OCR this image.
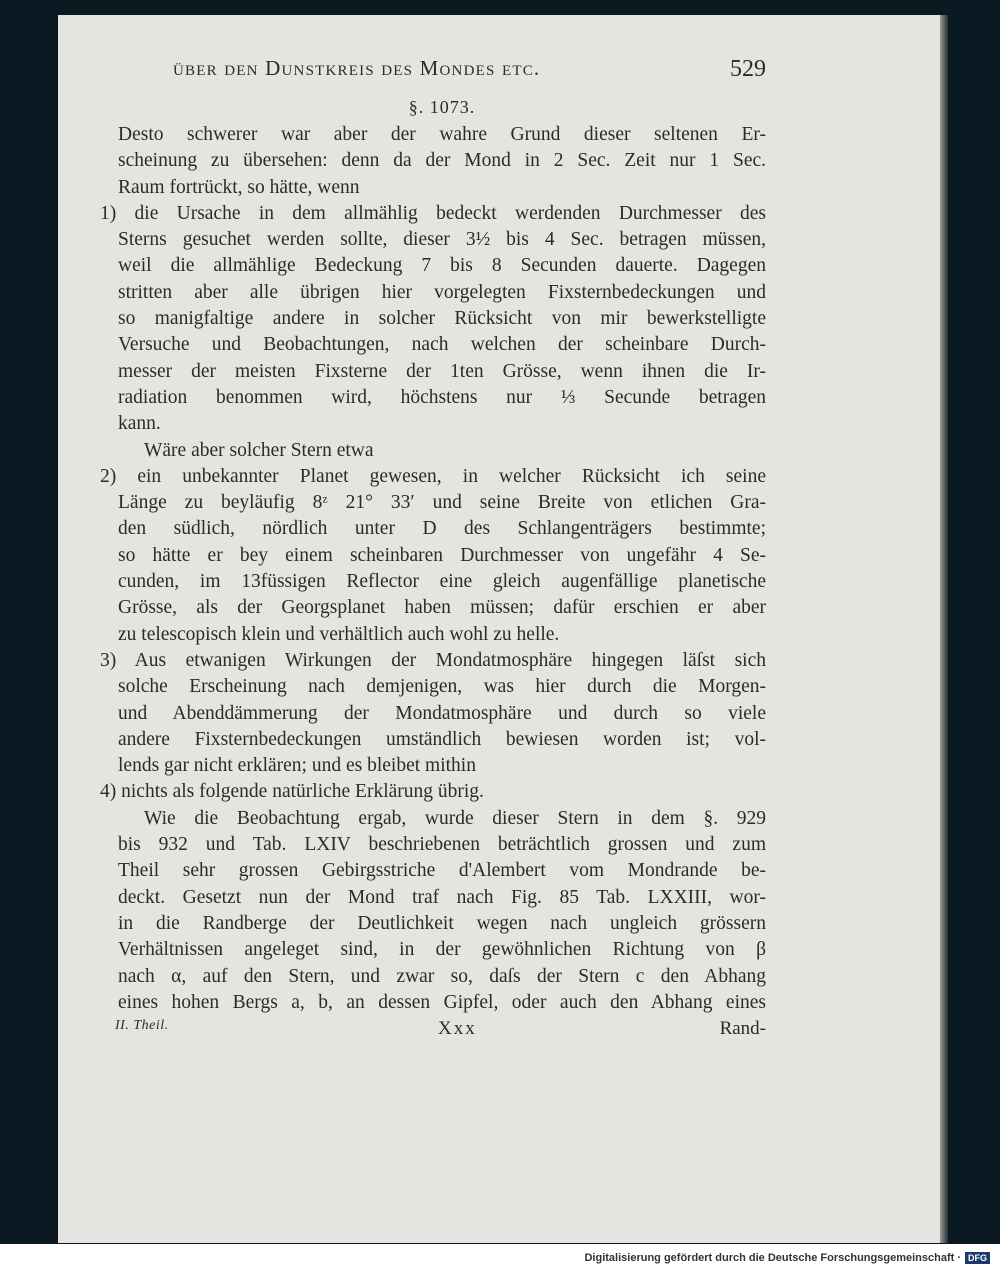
über den Dunstkreis des Mondes etc.	529
§. 1073.
Desto schwerer war aber der wahre Grund dieser seltenen Er-
scheinung zu übersehen: denn da der Mond in 2 Sec. Zeit nur 1 Sec.
Raum fortrückt, so hätte, wenn
1) die Ursache in dem allmählig bedeckt werdenden Durchmesser des
Sterns gesuchet werden sollte, dieser 3½ bis 4 Sec. betragen müssen,
weil die allmählige Bedeckung 7 bis 8 Secunden dauerte. Dagegen
stritten aber alle übrigen hier vorgelegten Fixsternbedeckungen und
so manigfaltige andere in solcher Rücksicht von mir bewerkstelligte
Versuche und Beobachtungen, nach welchen der scheinbare Durch-
messer der meisten Fixsterne der 1ten Grösse, wenn ihnen die Ir-
radiation benommen wird, höchstens nur ⅓ Secunde betragen
kann.
Wäre aber solcher Stern etwa
2) ein unbekannter Planet gewesen, in welcher Rücksicht ich seine
Länge zu beyläufig 8ᶻ 21° 33′ und seine Breite von etlichen Gra-
den südlich, nördlich unter D des Schlangenträgers bestimmte;
so hätte er bey einem scheinbaren Durchmesser von ungefähr 4 Se-
cunden, im 13füssigen Reflector eine gleich augenfällige planetische
Grösse, als der Georgsplanet haben müssen; dafür erschien er aber
zu telescopisch klein und verhältlich auch wohl zu helle.
3) Aus etwanigen Wirkungen der Mondatmosphäre hingegen läſst sich
solche Erscheinung nach demjenigen, was hier durch die Morgen-
und Abenddämmerung der Mondatmosphäre und durch so viele
andere Fixsternbedeckungen umständlich bewiesen worden ist; vol-
lends gar nicht erklären; und es bleibet mithin
4) nichts als folgende natürliche Erklärung übrig.
Wie die Beobachtung ergab, wurde dieser Stern in dem §. 929
bis 932 und Tab. LXIV beschriebenen beträchtlich grossen und zum
Theil sehr grossen Gebirgsstriche d'Alembert vom Mondrande be-
deckt. Gesetzt nun der Mond traf nach Fig. 85 Tab. LXXIII, wor-
in die Randberge der Deutlichkeit wegen nach ungleich grössern
Verhältnissen angeleget sind, in der gewöhnlichen Richtung von β
nach α, auf den Stern, und zwar so, daſs der Stern c den Abhang
eines hohen Bergs a, b, an dessen Gipfel, oder auch den Abhang eines
II. Theil.	Xxx	Rand-
Digitalisierung gefördert durch die Deutsche Forschungsgemeinschaft · DFG
